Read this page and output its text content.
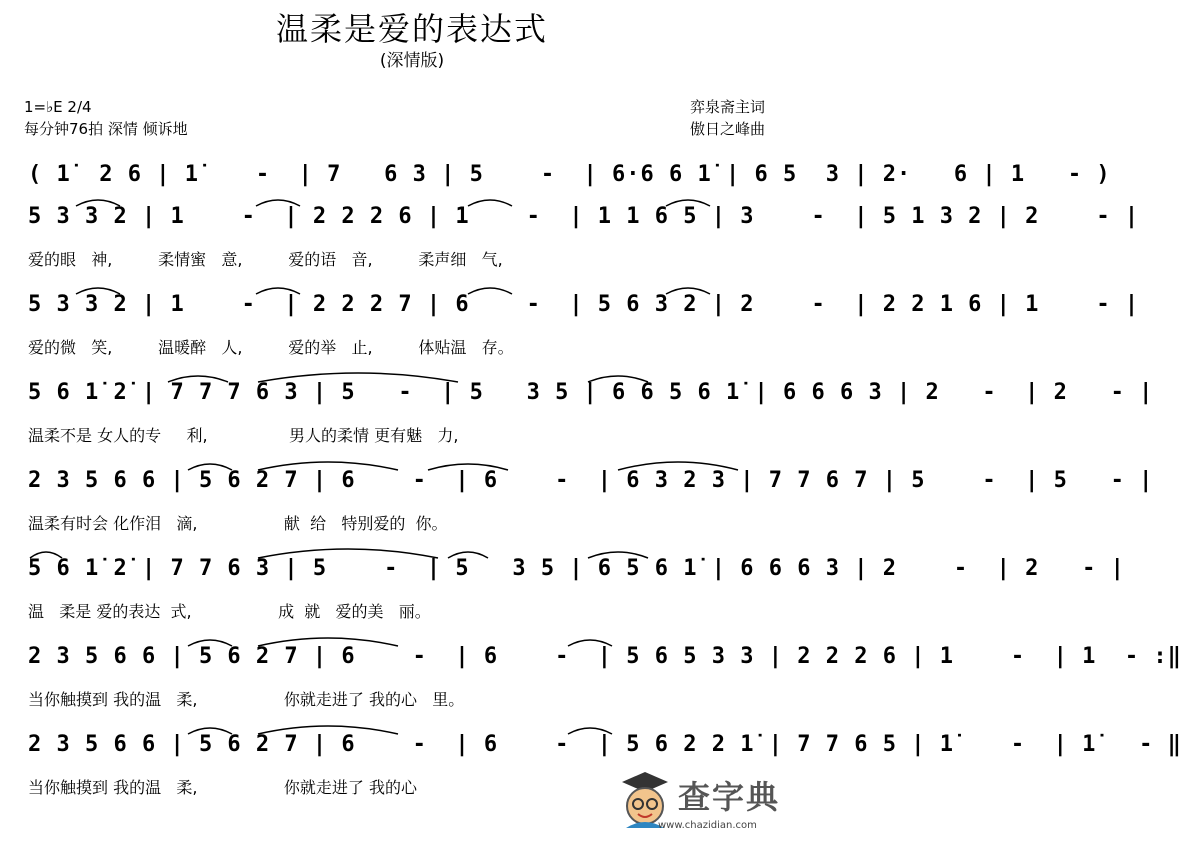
温柔是爱的表达式
(深情版)
1=♭E 2/4
每分钟76拍 深情 倾诉地
弈泉斋主词
傲日之峰曲
( 1̇  2 6 | 1̇    -  | 7   6 3 | 5    -  | 6·6 6 1̇ | 6 5  3 | 2·   6 | 1   - )
5 3 3 2 | 1    -  | 2 2 2 6 | 1    -  | 1 1 6 5 | 3    -  | 5 1 3 2 | 2    - |
爱的眼   神,         柔情蜜   意,         爱的语   音,         柔声细   气,
5 3 3 2 | 1    -  | 2 2 2 7 | 6    -  | 5 6 3 2 | 2    -  | 2 2 1 6 | 1    - |
爱的微   笑,         温暖醉   人,         爱的举   止,         体贴温   存。
5 6 1̇ 2̇ | 7 7 7 6 3 | 5   -  | 5   3 5 | 6 6 5 6 1̇ | 6 6 6 3 | 2   -  | 2   - |
温柔不是 女人的专     利,                男人的柔情 更有魅   力,
2 3 5 6 6 | 5 6 2 7 | 6    -  | 6    -  | 6 3 2 3 | 7 7 6 7 | 5    -  | 5   - |
温柔有时会 化作泪   滴,                 献  给   特别爱的  你。
5 6 1̇ 2̇ | 7 7 6 3 | 5    -  | 5   3 5 | 6 5 6 1̇ | 6 6 6 3 | 2    -  | 2   - |
温   柔是 爱的表达  式,                 成  就   爱的美   丽。
2 3 5 6 6 | 5 6 2 7 | 6    -  | 6    -  | 5 6 5 3 3 | 2 2 2 6 | 1    -  | 1  - :‖
当你触摸到 我的温   柔,                 你就走进了 我的心   里。
2 3 5 6 6 | 5 6 2 7 | 6    -  | 6    -  | 5 6 2 2 1̇ | 7 7 6 5 | 1̇    -  | 1̇   - ‖
当你触摸到 我的温   柔,                 你就走进了 我的心	查字典
www.chazidian.com
